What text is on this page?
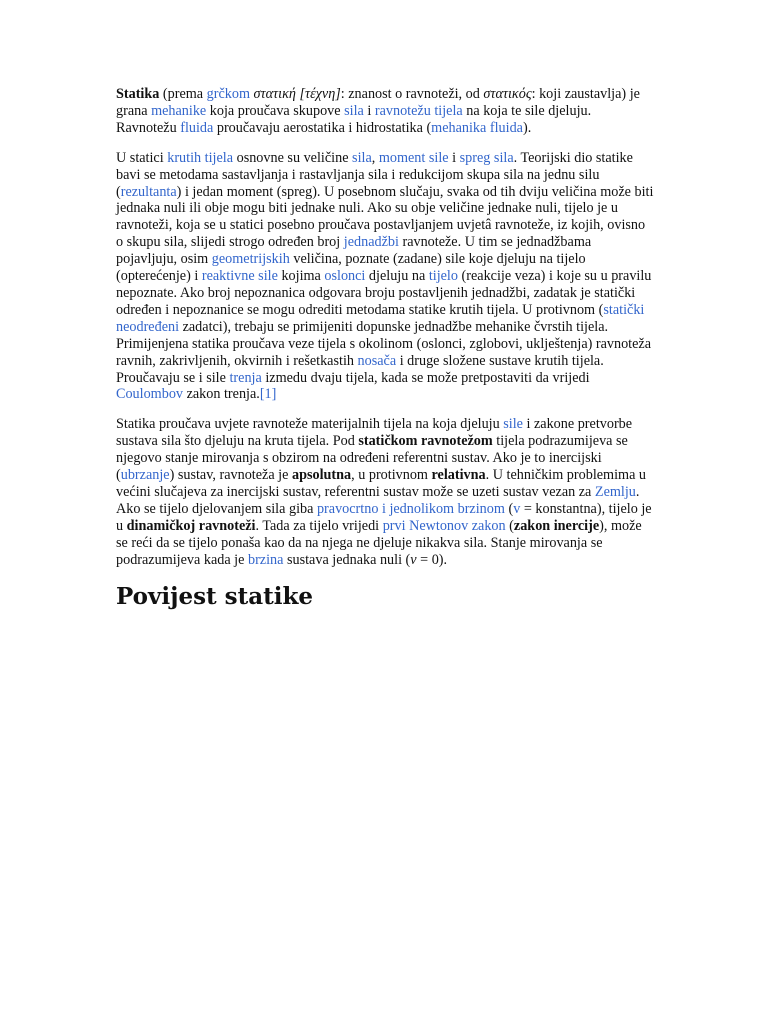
Statika (prema grčkom στατική [τέχνη]: znanost o ravnoteži, od στατικός: koji zaustavlja) je grana mehanike koja proučava skupove sila i ravnotežu tijela na koja te sile djeluju. Ravnotežu fluida proučavaju aerostatika i hidrostatika (mehanika fluida).

U statici krutih tijela osnovne su veličine sila, moment sile i spreg sila. Teorijski dio statike bavi se metodama sastavljanja i rastavljanja sila i redukcijom skupa sila na jednu silu (rezultanta) i jedan moment (spreg). U posebnom slučaju, svaka od tih dviju veličina može biti jednaka nuli ili obje mogu biti jednake nuli. Ako su obje veličine jednake nuli, tijelo je u ravnoteži, koja se u statici posebno proučava postavljanjem uvjetâ ravnoteže, iz kojih, ovisno o skupu sila, slijedi strogo određen broj jednadžbi ravnoteže. U tim se jednadžbama pojavljuju, osim geometrijskih veličina, poznate (zadane) sile koje djeluju na tijelo (opterećenje) i reaktivne sile kojima oslonci djeluju na tijelo (reakcije veza) i koje su u pravilu nepoznate. Ako broj nepoznanica odgovara broju postavljenih jednadžbi, zadatak je statički određen i nepoznanice se mogu odrediti metodama statike krutih tijela. U protivnom (statički neodređeni zadatci), trebaju se primijeniti dopunske jednadžbe mehanike čvrstih tijela. Primijenjena statika proučava veze tijela s okolinom (oslonci, zglobovi, uklještenja) ravnoteža ravnih, zakrivljenih, okvirnih i rešetkastih nosača i druge složene sustave krutih tijela. Proučavaju se i sile trenja izmedu dvaju tijela, kada se može pretpostaviti da vrijedi Coulombov zakon trenja.[1]

Statika proučava uvjete ravnoteže materijalnih tijela na koja djeluju sile i zakone pretvorbe sustava sila što djeluju na kruta tijela. Pod statičkom ravnotežom tijela podrazumijeva se njegovo stanje mirovanja s obzirom na određeni referentni sustav. Ako je to inercijski (ubrzanje) sustav, ravnoteža je apsolutna, u protivnom relativna. U tehničkim problemima u većini slučajeva za inercijski sustav, referentni sustav može se uzeti sustav vezan za Zemlju. Ako se tijelo djelovanjem sila giba pravocrtno i jednolikom brzinom (v = konstantna), tijelo je u dinamičkoj ravnoteži. Tada za tijelo vrijedi prvi Newtonov zakon (zakon inercije), može se reći da se tijelo ponaša kao da na njega ne djeluje nikakva sila. Stanje mirovanja se podrazumijeva kada je brzina sustava jednaka nuli (v = 0).

Povijest statike
